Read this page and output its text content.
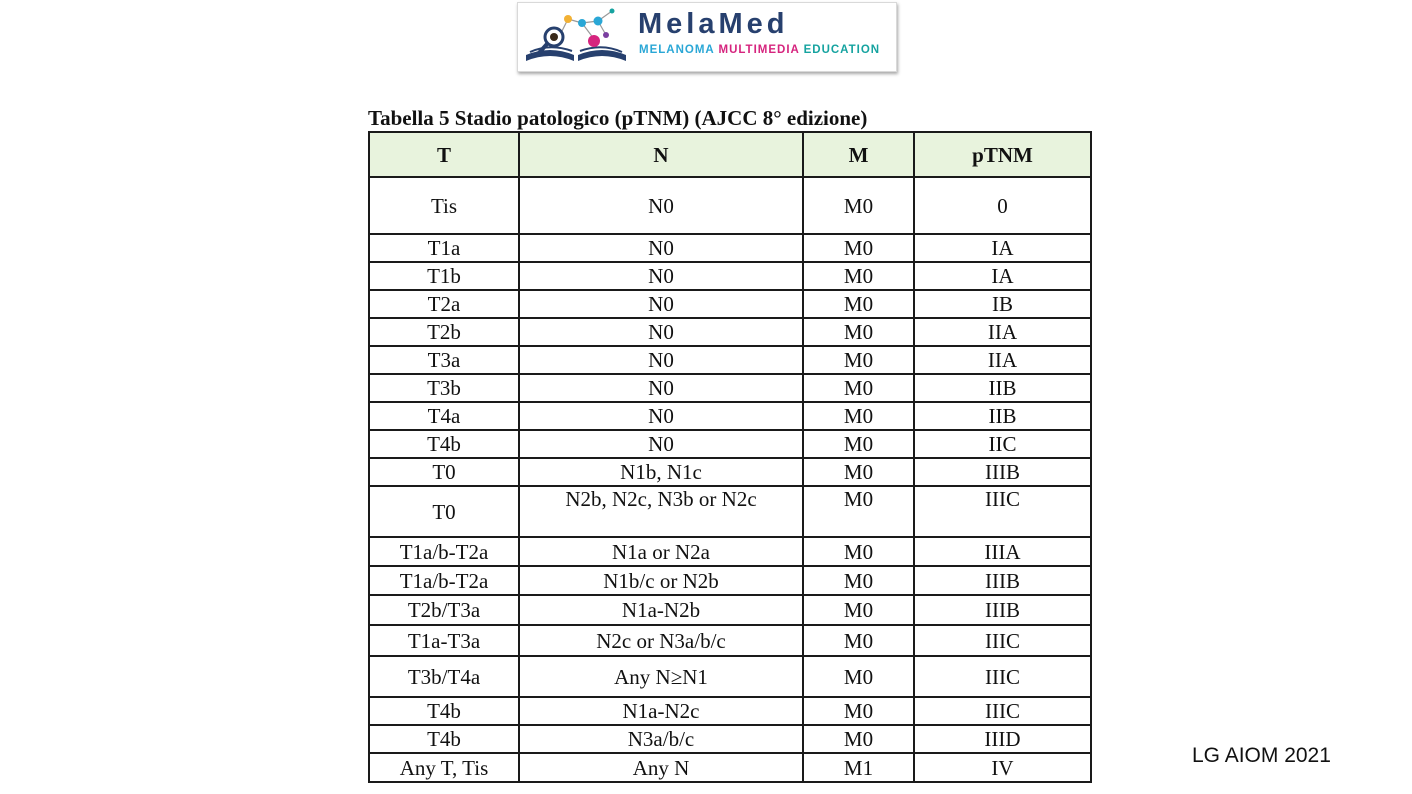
MelaMed
MELANOMA MULTIMEDIA EDUCATION
Tabella 5 Stadio patologico (pTNM) (AJCC 8° edizione)
T	N	M	pTNM
Tis	N0	M0	0
T1a	N0	M0	IA
T1b	N0	M0	IA
T2a	N0	M0	IB
T2b	N0	M0	IIA
T3a	N0	M0	IIA
T3b	N0	M0	IIB
T4a	N0	M0	IIB
T4b	N0	M0	IIC
T0	N1b, N1c	M0	IIIB
T0	N2b, N2c, N3b or N2c	M0	IIIC
T1a/b-T2a	N1a or N2a	M0	IIIA
T1a/b-T2a	N1b/c or N2b	M0	IIIB
T2b/T3a	N1a-N2b	M0	IIIB
T1a-T3a	N2c or N3a/b/c	M0	IIIC
T3b/T4a	Any N≥N1	M0	IIIC
T4b	N1a-N2c	M0	IIIC
T4b	N3a/b/c	M0	IIID
Any T, Tis	Any N	M1	IV	LG AIOM 2021
